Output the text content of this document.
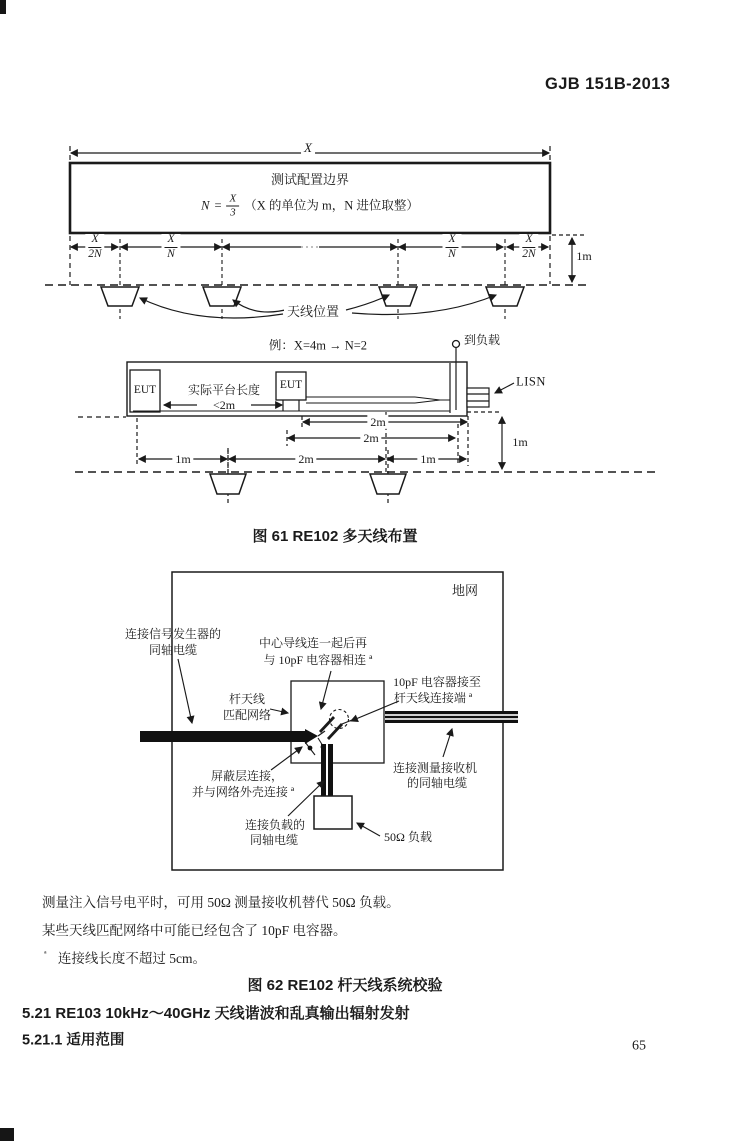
GJB 151B-2013
X
测试配置边界
$N = \frac{X}{3} (X$ 的单位为 m，N 进位取整）
$\frac{X}{2N}$	$\frac{X}{N}$	$\frac{X}{N}$	$\frac{X}{2N}$	1m
天线位置
例：X=4m → N=2
EUT	EUT
实际平台长度
<2m
到负载
LISN
2m
2m
1m	2m	1m
1m
图 61 RE102 多天线布置
地网
连接信号发生器的
同轴电缆	中心导线连一起后再
与 10pF 电容器相连 ª
杆天线
匹配网络
10pF 电容器接至
杆天线连接端 ª
屏蔽层连接，
并与网络外壳连接 ª
连接测量接收机
的同轴电缆
连接负载的
同轴电缆	50Ω 负载
测量注入信号电平时，可用 50Ω 测量接收机替代 50Ω 负载。
某些天线匹配网络中可能已经包含了 10pF 电容器。
$^ª$ 连接线长度不超过 5cm。
图 62 RE102 杆天线系统校验
5.21 RE103 10kHz～40GHz 天线谐波和乱真输出辐射发射
5.21.1 适用范围	65
